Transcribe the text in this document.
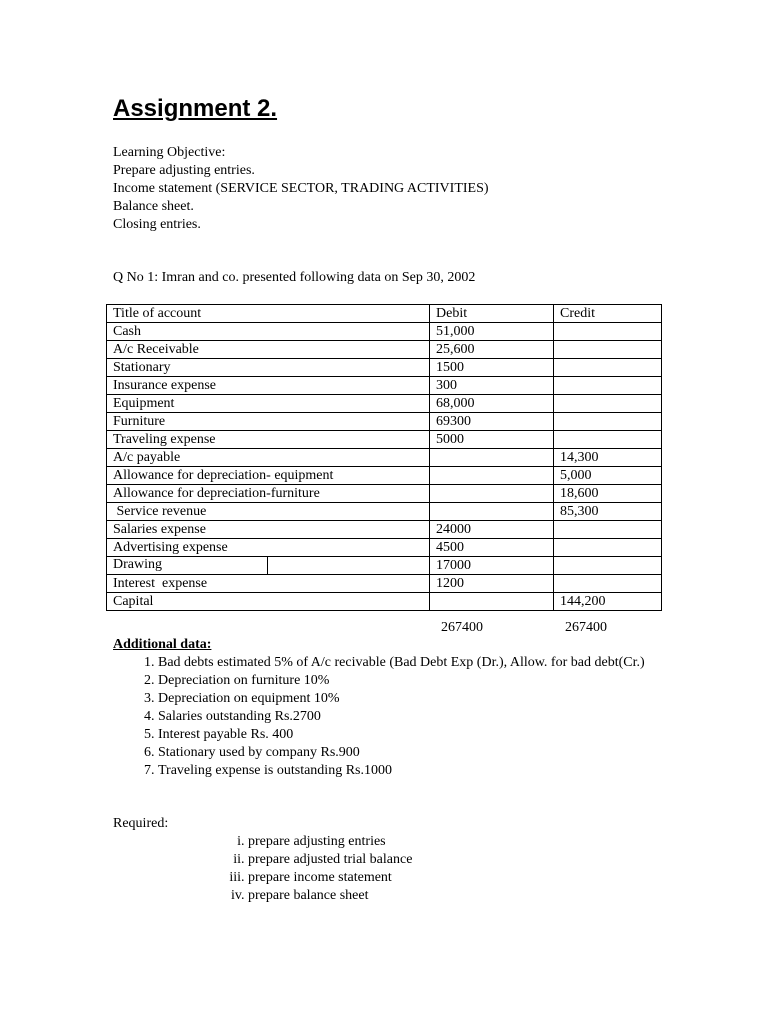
Assignment 2.
Learning Objective:
Prepare adjusting entries.
Income statement (SERVICE SECTOR, TRADING ACTIVITIES)
Balance sheet.
Closing entries.
Q No 1: Imran and co. presented following data on Sep 30, 2002
Title of account	Debit	Credit
Cash	51,000	
A/c Receivable	25,600	
Stationary	1500	
Insurance expense	300	
Equipment	68,000	
Furniture	69300	
Traveling expense	5000	
A/c payable		14,300
Allowance for depreciation- equipment		5,000
Allowance for depreciation-furniture		18,600
Service revenue		85,300
Salaries expense	24000	
Advertising expense	4500	
Drawing	17000	
Interest  expense	1200	
Capital		144,200
267400	267400
Additional data:
1. Bad debts estimated 5% of A/c recivable (Bad Debt Exp (Dr.), Allow. for bad debt(Cr.)
2. Depreciation on furniture 10%
3. Depreciation on equipment 10%
4. Salaries outstanding Rs.2700
5. Interest payable Rs. 400
6. Stationary used by company Rs.900
7. Traveling expense is outstanding Rs.1000
Required:
i. prepare adjusting entries
ii. prepare adjusted trial balance
iii. prepare income statement
iv. prepare balance sheet
